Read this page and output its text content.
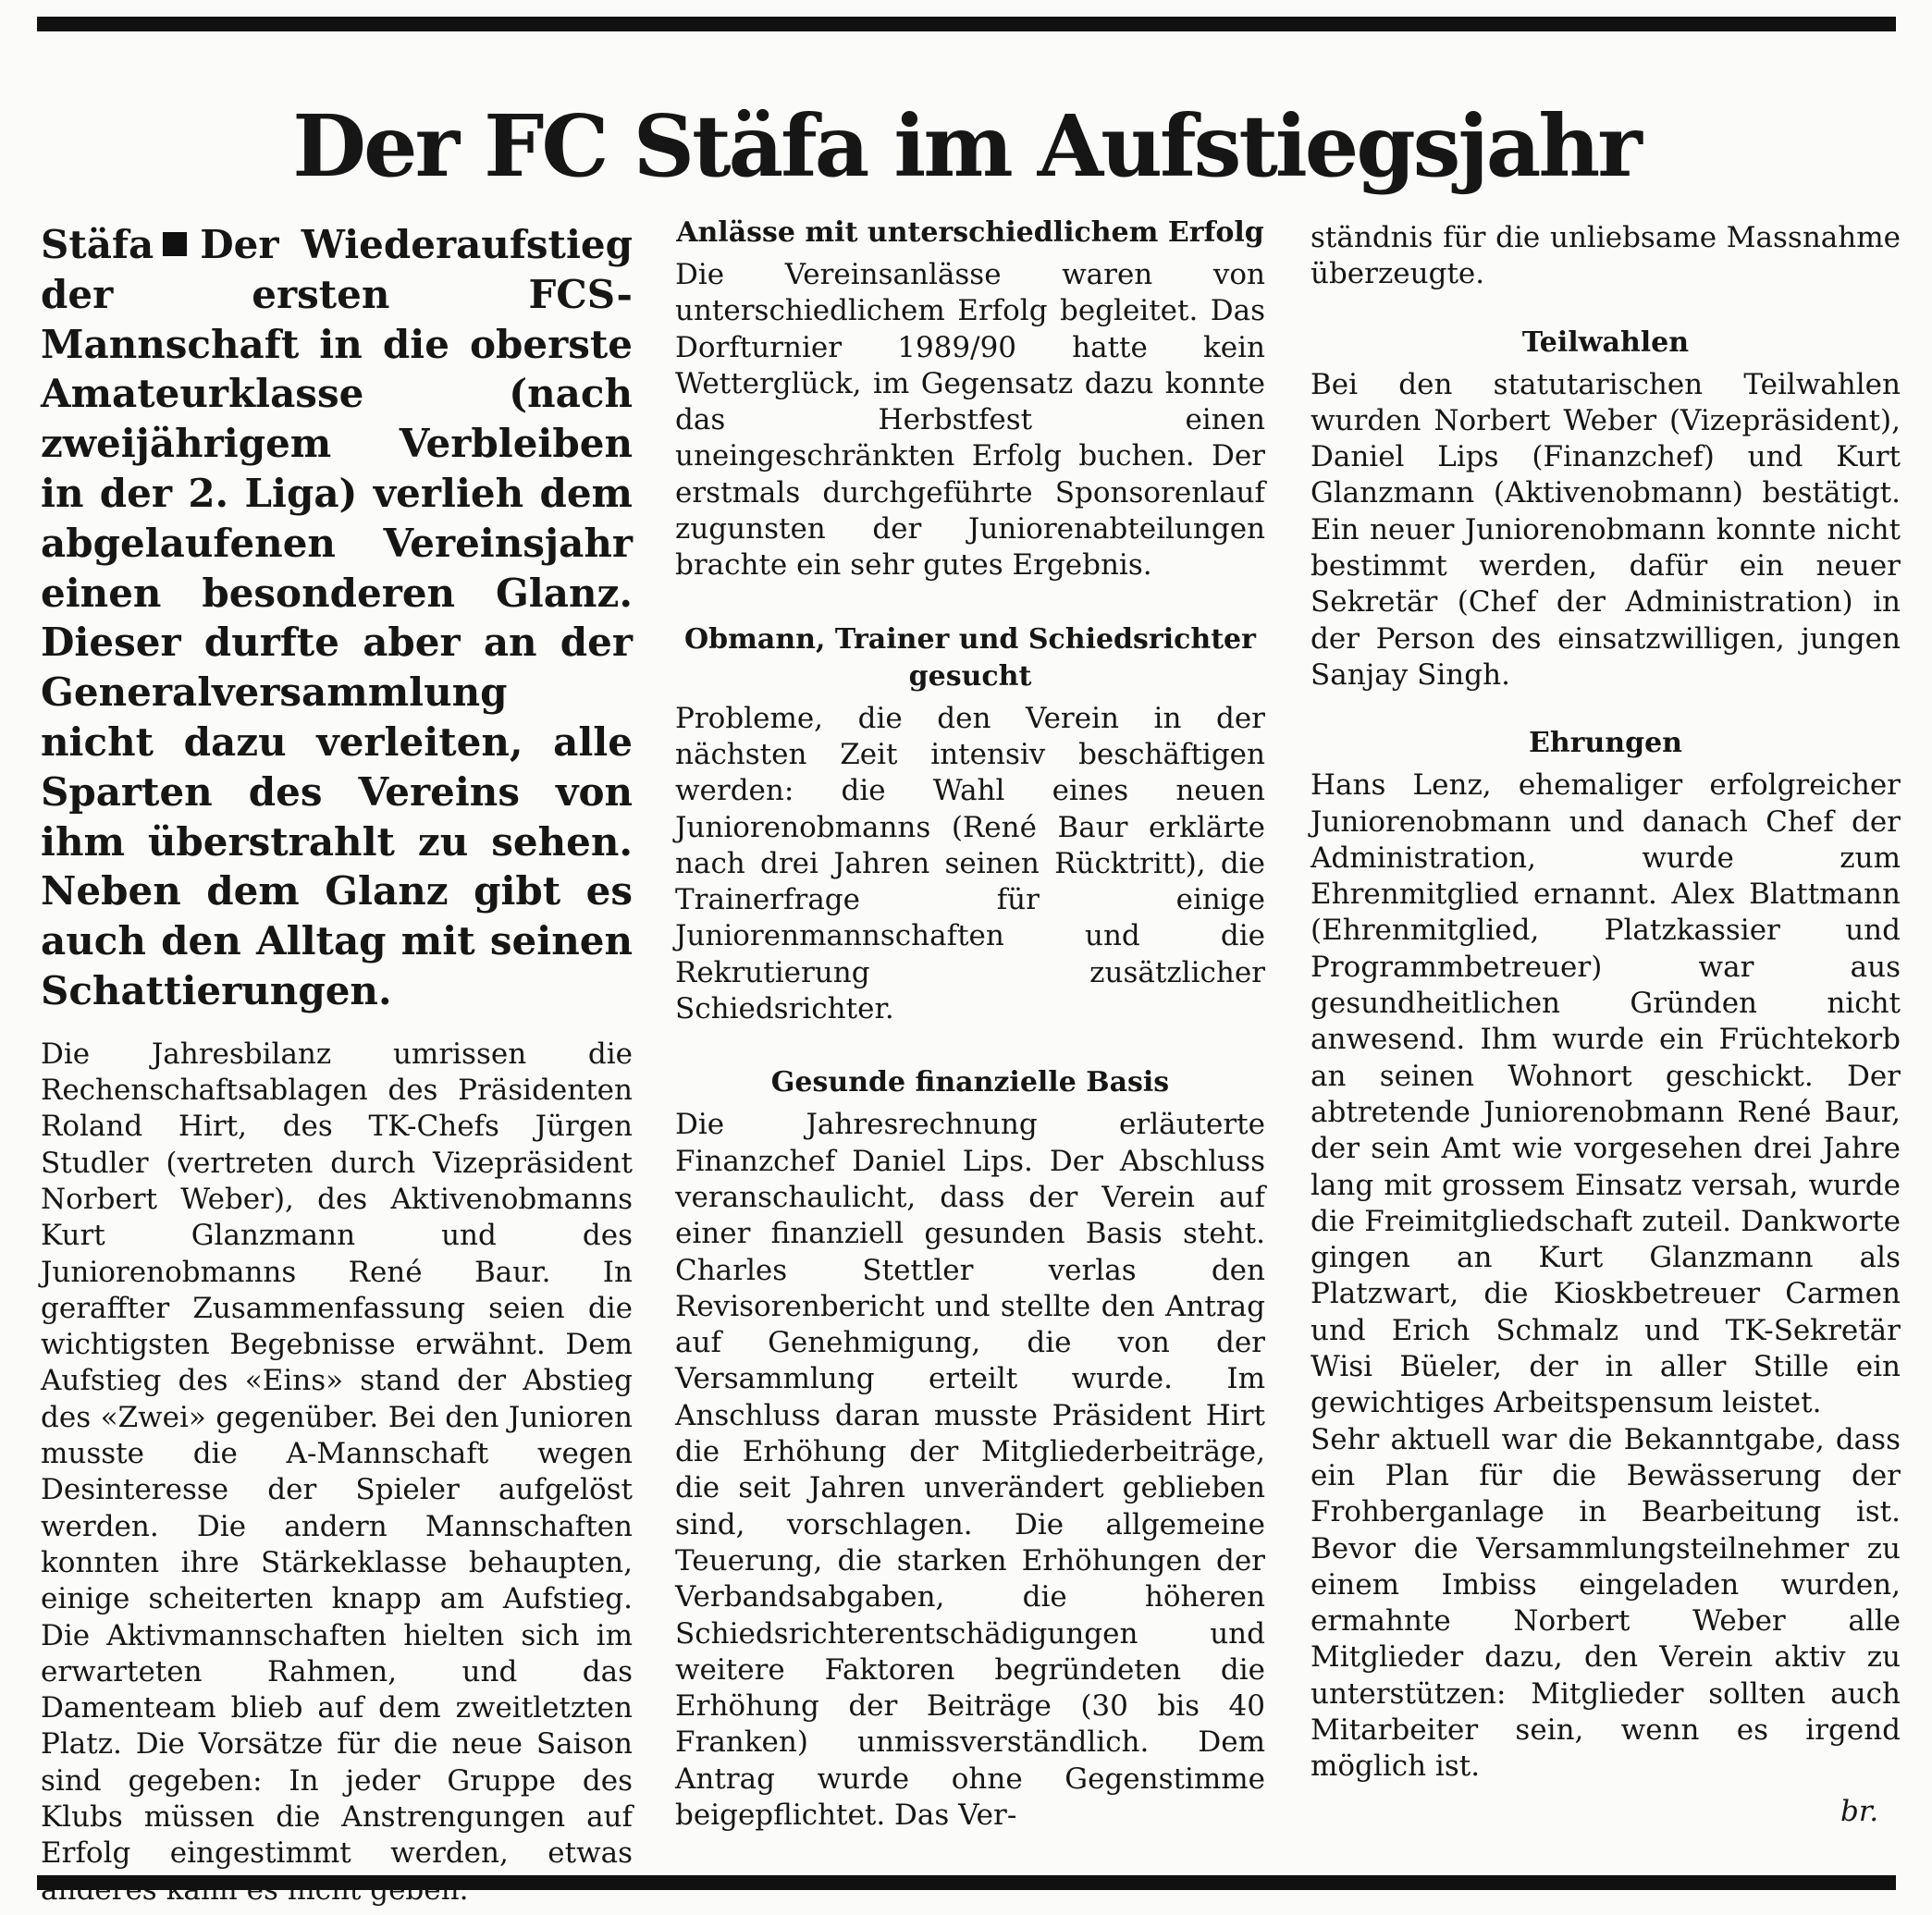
Der FC Stäfa im Aufstiegsjahr

Stäfa Der Wiederaufstieg der ersten FCS-Mannschaft in die oberste Amateurklasse (nach zweijährigem Verbleiben in der 2. Liga) verlieh dem abgelaufenen Vereinsjahr einen besonderen Glanz. Dieser durfte aber an der Generalversammlung nicht dazu verleiten, alle Sparten des Vereins von ihm überstrahlt zu sehen. Neben dem Glanz gibt es auch den Alltag mit seinen Schattierungen.

Die Jahresbilanz umrissen die Rechenschaftsablagen des Präsidenten Roland Hirt, des TK-Chefs Jürgen Studler (vertreten durch Vizepräsident Norbert Weber), des Aktivenobmanns Kurt Glanzmann und des Juniorenobmanns René Baur. In geraffter Zusammenfassung seien die wichtigsten Begebnisse erwähnt. Dem Aufstieg des «Eins» stand der Abstieg des «Zwei» gegenüber. Bei den Junioren musste die A-Mannschaft wegen Desinteresse der Spieler aufgelöst werden. Die andern Mannschaften konnten ihre Stärkeklasse behaupten, einige scheiterten knapp am Aufstieg. Die Aktivmannschaften hielten sich im erwarteten Rahmen, und das Damenteam blieb auf dem zweitletzten Platz. Die Vorsätze für die neue Saison sind gegeben: In jeder Gruppe des Klubs müssen die Anstrengungen auf Erfolg eingestimmt werden, etwas

Anlässe mit unterschiedlichem Erfolg

Die Vereinsanlässe waren von unterschiedlichem Erfolg begleitet. Das Dorfturnier 1989/90 hatte kein Wetterglück, im Gegensatz dazu konnte das Herbstfest einen uneingeschränkten Erfolg buchen. Der erstmals durchgeführte Sponsorenlauf zugunsten der Juniorenabteilungen brachte ein sehr gutes Ergebnis.

Obmann, Trainer und Schiedsrichter gesucht

Probleme, die den Verein in der nächsten Zeit intensiv beschäftigen werden: die Wahl eines neuen Juniorenobmanns (René Baur erklärte nach drei Jahren seinen Rücktritt), die Trainerfrage für einige Juniorenmannschaften und die Rekrutierung zusätzlicher Schiedsrichter.

Gesunde finanzielle Basis

Die Jahresrechnung erläuterte Finanzchef Daniel Lips. Der Abschluss veranschaulicht, dass der Verein auf einer finanziell gesunden Basis steht. Charles Stettler verlas den Revisorenbericht und stellte den Antrag auf Genehmigung, die von der Versammlung erteilt wurde. Im Anschluss daran musste Präsident Hirt die Erhöhung der Mitgliederbeiträge, die seit Jahren unverändert geblieben sind, vorschlagen. Die allgemeine Teuerung, die starken Erhöhungen der Verbandsabgaben, die höheren Schiedsrichterentschädigungen und weitere Faktoren begründeten die Erhöhung der Beiträge (30 bis 40 Franken) unmissverständlich. Dem Antrag wurde ohne Gegenstimme beigepflichtet. Das Ver-

ständnis für die unliebsame Massnahme überzeugte.

Teilwahlen

Bei den statutarischen Teilwahlen wurden Norbert Weber (Vizepräsident), Daniel Lips (Finanzchef) und Kurt Glanzmann (Aktivenobmann) bestätigt. Ein neuer Juniorenobmann konnte nicht bestimmt werden, dafür ein neuer Sekretär (Chef der Administration) in der Person des einsatzwilligen, jungen Sanjay Singh.

Ehrungen

Hans Lenz, ehemaliger erfolgreicher Juniorenobmann und danach Chef der Administration, wurde zum Ehrenmitglied ernannt. Alex Blattmann (Ehrenmitglied, Platzkassier und Programmbetreuer) war aus gesundheitlichen Gründen nicht anwesend. Ihm wurde ein Früchtekorb an seinen Wohnort geschickt. Der abtretende Juniorenobmann René Baur, der sein Amt wie vorgesehen drei Jahre lang mit grossem Einsatz versah, wurde die Freimitgliedschaft zuteil. Dankworte gingen an Kurt Glanzmann als Platzwart, die Kioskbetreuer Carmen und Erich Schmalz und TK-Sekretär Wisi Büeler, der in aller Stille ein gewichtiges Arbeitspensum leistet.

Sehr aktuell war die Bekanntgabe, dass ein Plan für die Bewässerung der Frohberganlage in Bearbeitung ist. Bevor die Versammlungsteilnehmer zu einem Imbiss eingeladen wurden, ermahnte Norbert Weber alle Mitglieder dazu, den Verein aktiv zu unterstützen: Mitglieder sollten auch Mitarbeiter sein, wenn es irgend möglich ist.

br.
